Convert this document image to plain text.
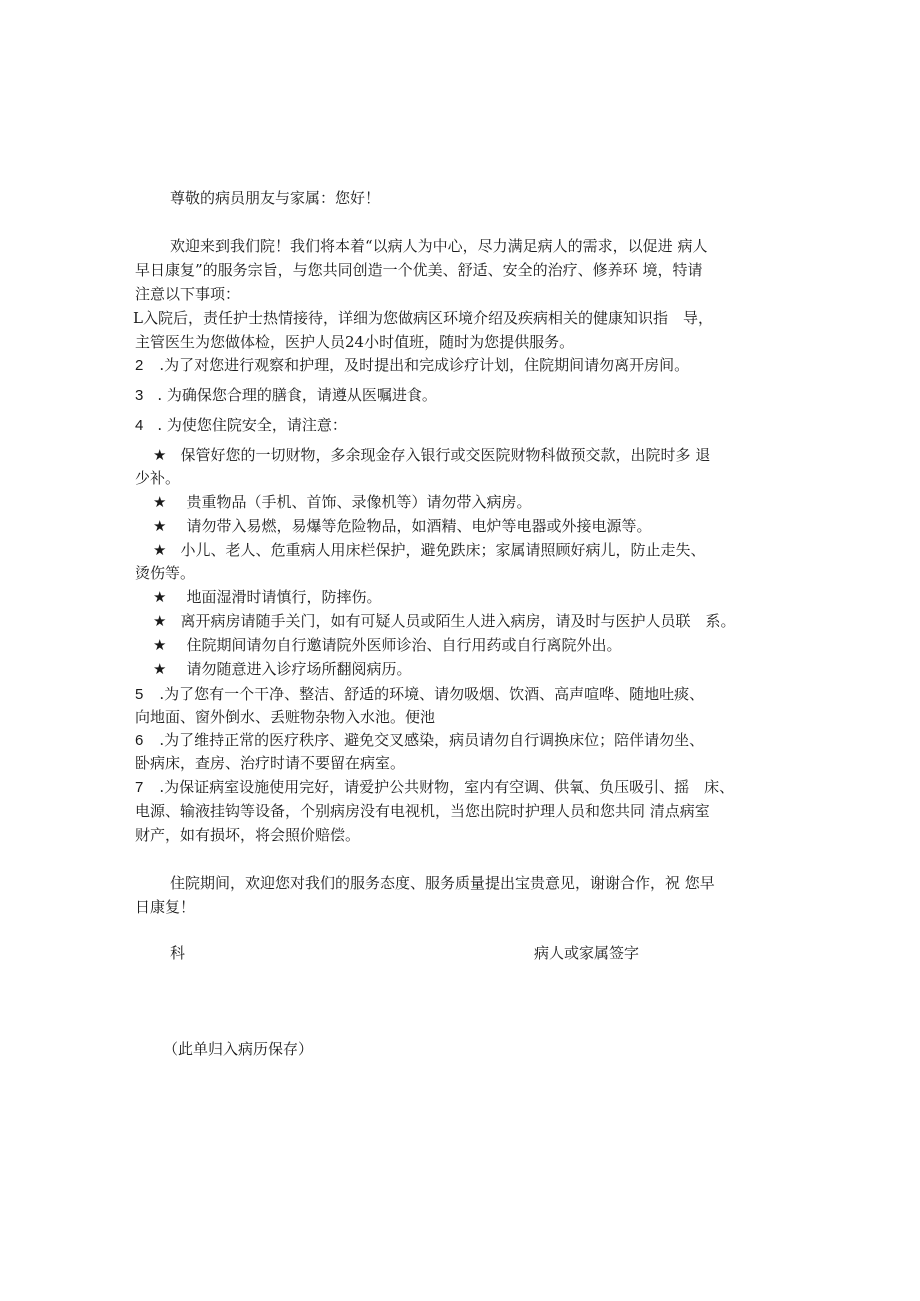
尊敬的病员朋友与家属：您好！
欢迎来到我们院！我们将本着“以病人为中心，尽力满足病人的需求，以促进 病人
早日康复”的服务宗旨，与您共同创造一个优美、舒适、安全的治疗、修养环 境，特请
注意以下事项：
L入院后，责任护士热情接待，详细为您做病区环境介绍及疾病相关的健康知识指　导，
主管医生为您做体检，医护人员24小时值班，随时为您提供服务。
2 .为了对您进行观察和护理，及时提出和完成诊疗计划，住院期间请勿离开房间。
3 . 为确保您合理的膳食，请遵从医嘱进食。
4 . 为使您住院安全，请注意：
★ 保管好您的一切财物，多余现金存入银行或交医院财物科做预交款，出院时多 退
少补。
★ 贵重物品（手机、首饰、录像机等）请勿带入病房。
★ 请勿带入易燃，易爆等危险物品，如酒精、电炉等电器或外接电源等。
★ 小儿、老人、危重病人用床栏保护，避免跌床；家属请照顾好病儿，防止走失、
烫伤等。
★ 地面湿滑时请慎行，防摔伤。
★ 离开病房请随手关门，如有可疑人员或陌生人进入病房，请及时与医护人员联　系。
★ 住院期间请勿自行邀请院外医师诊治、自行用药或自行离院外出。
★ 请勿随意进入诊疗场所翻阅病历。
5 .为了您有一个干净、整洁、舒适的环境、请勿吸烟、饮酒、高声喧哗、随地吐痰、
向地面、窗外倒水、丢赃物杂物入水池。便池
6 .为了维持正常的医疗秩序、避免交叉感染，病员请勿自行调换床位；陪伴请勿坐、
卧病床，查房、治疗时请不要留在病室。
7 .为保证病室设施使用完好，请爱护公共财物，室内有空调、供氧、负压吸引、摇　床、
电源、输液挂钩等设备，个别病房没有电视机，当您出院时护理人员和您共同 清点病室
财产，如有损坏，将会照价赔偿。
住院期间，欢迎您对我们的服务态度、服务质量提出宝贵意见，谢谢合作，祝 您早
日康复！
科	病人或家属签字
（此单归入病历保存）
